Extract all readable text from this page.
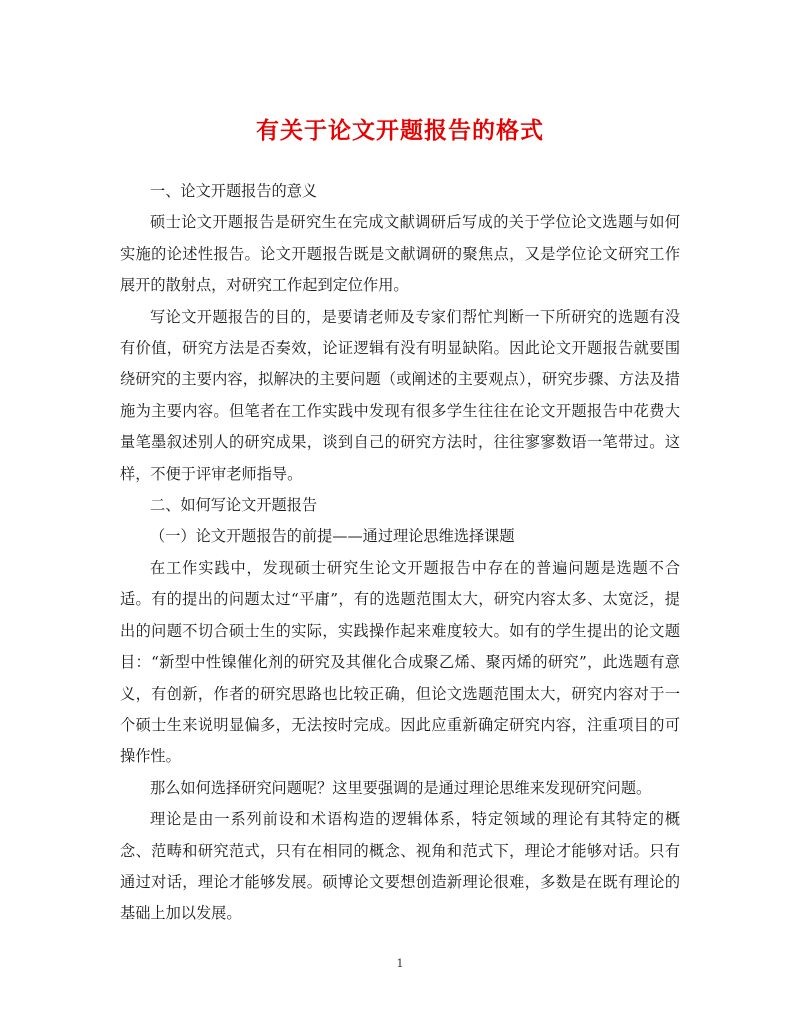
有关于论文开题报告的格式

一、论文开题报告的意义

硕士论文开题报告是研究生在完成文献调研后写成的关于学位论文选题与如何实施的论述性报告。论文开题报告既是文献调研的聚焦点，又是学位论文研究工作展开的散射点，对研究工作起到定位作用。

写论文开题报告的目的，是要请老师及专家们帮忙判断一下所研究的选题有没有价值，研究方法是否奏效，论证逻辑有没有明显缺陷。因此论文开题报告就要围绕研究的主要内容，拟解决的主要问题（或阐述的主要观点），研究步骤、方法及措施为主要内容。但笔者在工作实践中发现有很多学生往往在论文开题报告中花费大量笔墨叙述别人的研究成果，谈到自己的研究方法时，往往寥寥数语一笔带过。这样，不便于评审老师指导。

二、如何写论文开题报告

（一）论文开题报告的前提——通过理论思维选择课题

在工作实践中，发现硕士研究生论文开题报告中存在的普遍问题是选题不合适。有的提出的问题太过“平庸”，有的选题范围太大，研究内容太多、太宽泛，提出的问题不切合硕士生的实际，实践操作起来难度较大。如有的学生提出的论文题目：“新型中性镍催化剂的研究及其催化合成聚乙烯、聚丙烯的研究”，此选题有意义，有创新，作者的研究思路也比较正确，但论文选题范围太大，研究内容对于一个硕士生来说明显偏多，无法按时完成。因此应重新确定研究内容，注重项目的可操作性。

那么如何选择研究问题呢？这里要强调的是通过理论思维来发现研究问题。

理论是由一系列前设和术语构造的逻辑体系，特定领域的理论有其特定的概念、范畴和研究范式，只有在相同的概念、视角和范式下，理论才能够对话。只有通过对话，理论才能够发展。硕博论文要想创造新理论很难，多数是在既有理论的基础上加以发展。

1
